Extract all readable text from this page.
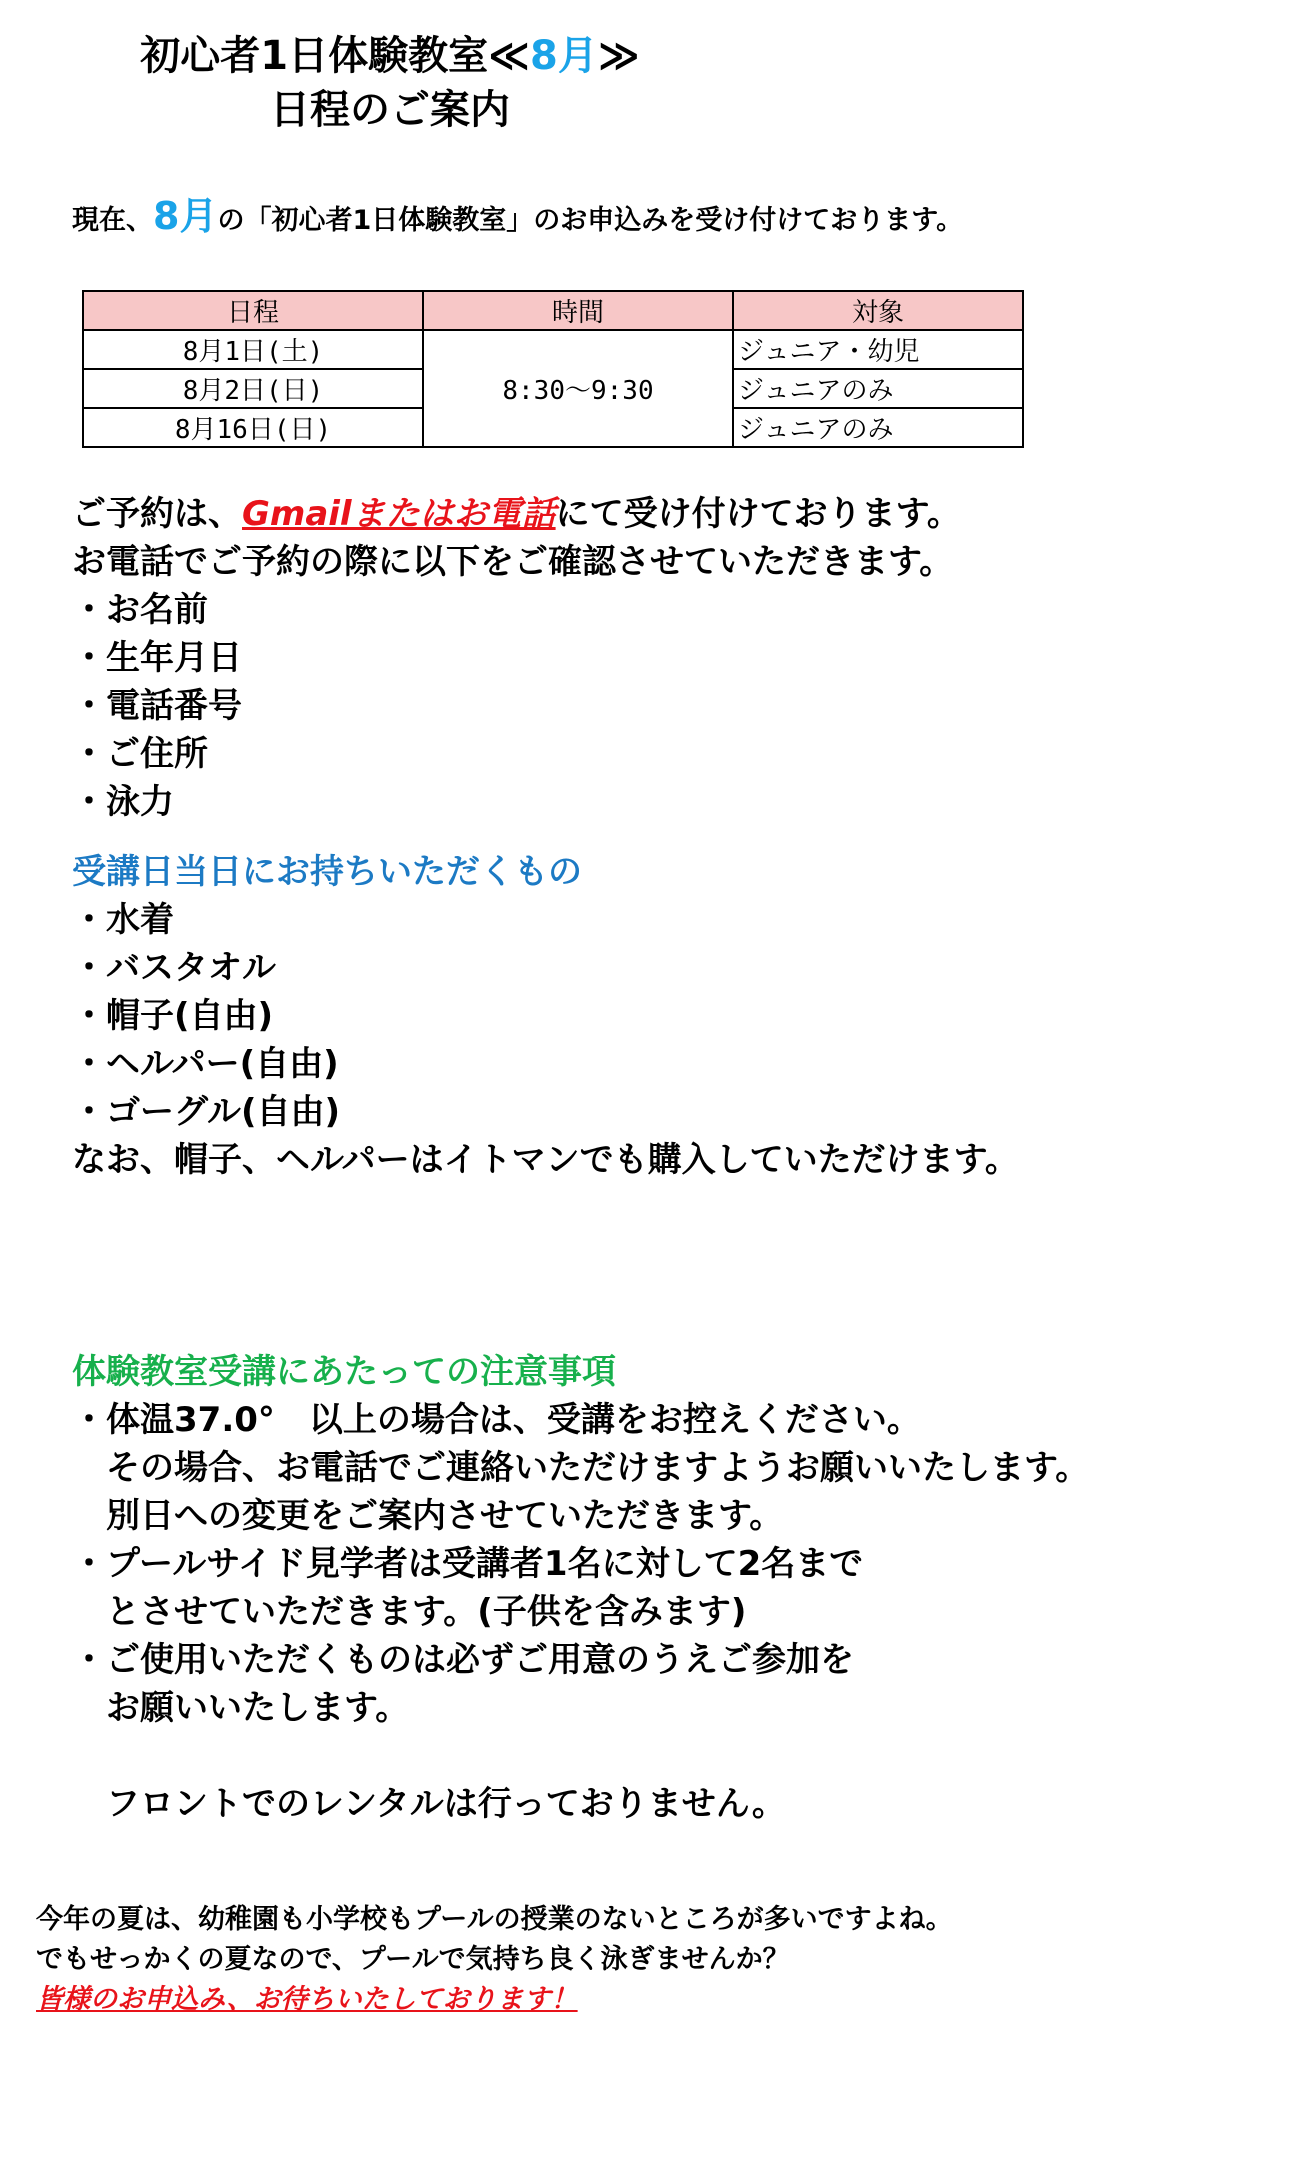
初心者1日体験教室≪8月≫
日程のご案内
現在、8月の「初心者1日体験教室」のお申込みを受け付けております。
日程	時間	対象
8月1日(土)	8:30～9:30	ジュニア・幼児
8月2日(日)		ジュニアのみ
8月16日(日)		ジュニアのみ

ご予約は、Gmailまたはお電話にて受け付けております。

お電話でご予約の際に以下をご確認させていただきます。

・お名前

・生年月日

・電話番号

・ご住所

・泳力

受講日当日にお持ちいただくもの

・水着

・バスタオル

・帽子(自由)

・ヘルパー(自由)

・ゴーグル(自由)

なお、帽子、ヘルパーはイトマンでも購入していただけます。

体験教室受講にあたっての注意事項

・体温37.0°　以上の場合は、受講をお控えください。

　その場合、お電話でご連絡いただけますようお願いいたします。

　別日への変更をご案内させていただきます。

・プールサイド見学者は受講者1名に対して2名まで

　とさせていただきます。(子供を含みます)

・ご使用いただくものは必ずご用意のうえご参加を

　お願いいたします。

　フロントでのレンタルは行っておりません。

今年の夏は、幼稚園も小学校もプールの授業のないところが多いですよね。

でもせっかくの夏なので、プールで気持ち良く泳ぎませんか？

皆様のお申込み、お待ちいたしております！
